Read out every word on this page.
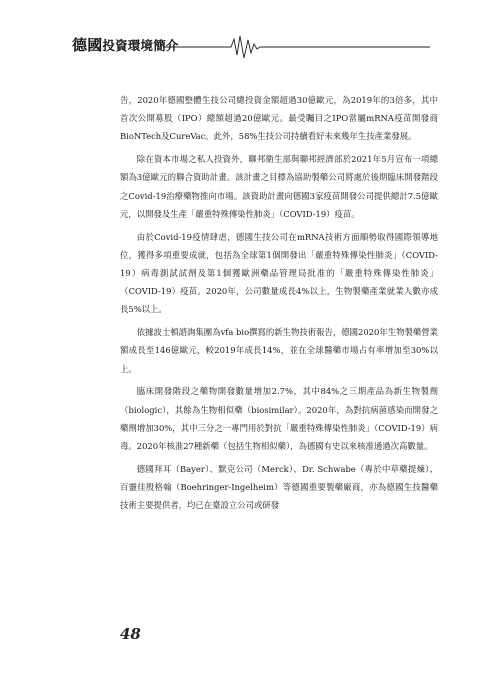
德國投資環境簡介

告，2020年德國整體生技公司總投資金額超過30億歐元，為2019年的3倍多，其中首次公開募股（IPO）總額超過20億歐元。最受矚目之IPO當屬mRNA疫苗開發商BioNTech及CureVac。此外，58%生技公司持續看好未來幾年生技產業發展。

除在資本市場之私人投資外，聯邦衛生部與聯邦經濟部於2021年5月宣布一項總額為3億歐元的聯合資助計畫。該計畫之目標為協助製藥公司將處於後期臨床開發階段之Covid-19治療藥物推向市場。該資助計畫向德國3家疫苗開發公司提供總計7.5億歐元，以開發及生產「嚴重特殊傳染性肺炎」（COVID-19）疫苗。

由於Covid-19疫情肆虐，德國生技公司在mRNA技術方面順勢取得國際領導地位，獲得多項重要成就，包括為全球第1個開發出「嚴重特殊傳染性肺炎」（COVID-19）病毒測試試劑及第1個獲歐洲藥品管理局批准的「嚴重特殊傳染性肺炎」（COVID-19）疫苗。2020年，公司數量成長4%以上，生物製藥產業就業人數亦成長5%以上。

依據波士頓諮詢集團為vfa bio撰寫的新生物技術報告，德國2020年生物製藥營業額成長至146億歐元，較2019年成長14%，並在全球醫藥市場占有率增加至30%以上。

臨床開發階段之藥物開發數量增加2.7%，其中84%之三期產品為新生物製劑（biologic），其餘為生物相似藥（biosimilar）。2020年，為對抗病菌感染而開發之藥劑增加30%，其中三分之一專門用於對抗「嚴重特殊傳染性肺炎」（COVID-19）病毒。2020年核准27種新藥（包括生物相似藥），為德國有史以來核准通過次高數量。

德國拜耳（Bayer）、默克公司（Merck）、Dr. Schwabe（專於中草藥提煉）、百靈佳殷格翰（Boehringer-Ingelheim）等德國重要製藥廠商，亦為德國生技醫藥技術主要提供者，均已在臺設立公司或研發

48
